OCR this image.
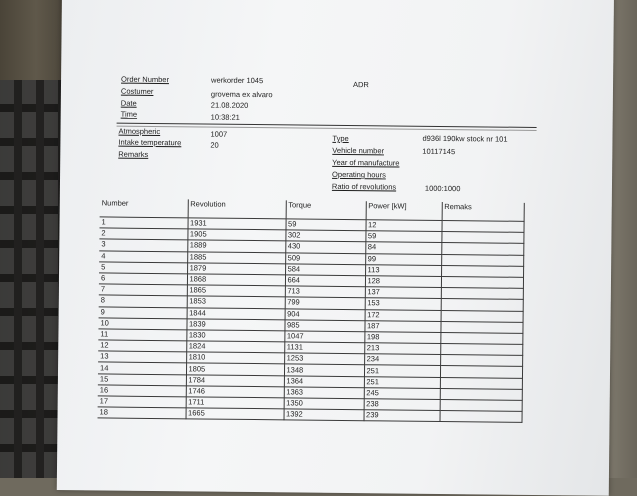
Order Number	werkorder 1045	ADR
Costumer	grovema ex alvaro
Date	21.08.2020
Time	10:38:21
Atmospheric	1007
Intake temperature	20
Remarks
Type	d936l 190kw stock nr 101
Vehicle number	10117145
Year of manufacture
Operating hours
Ratio of revolutions	1000:1000
Number	Revolution	Torque	Power [kW]	Remaks
1	1931	59	12	
2	1905	302	59	
3	1889	430	84	
4	1885	509	99	
5	1879	584	113	
6	1868	664	128	
7	1865	713	137	
8	1853	799	153	
9	1844	904	172	
10	1839	985	187	
11	1830	1047	198	
12	1824	1131	213	
13	1810	1253	234	
14	1805	1348	251	
15	1784	1364	251	
16	1746	1363	245	
17	1711	1350	238	
18	1665	1392	239	
